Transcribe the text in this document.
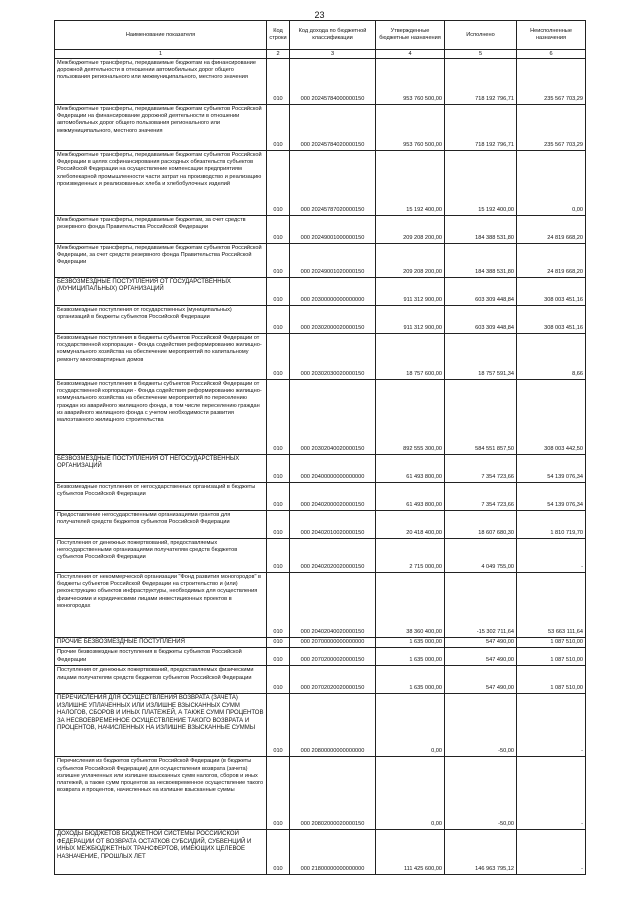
23
Наименование показателя	Код строки	Код дохода по бюджетной классификации	Утвержденные бюджетные назначения	Исполнено	Неисполненные назначения
1	2	3	4	5	6
Межбюджетные трансферты, передаваемые бюджетам на финансирование дорожной деятельности в отношении автомобильных дорог общего пользования регионального или межмуниципального, местного значения	010	000 20245784000000150	953 760 500,00	718 192 796,71	235 567 703,29
Межбюджетные трансферты, передаваемые бюджетам субъектов Российской Федерации на финансирование дорожной деятельности в отношении автомобильных дорог общего пользования регионального или межмуниципального, местного значения	010	000 20245784020000150	953 760 500,00	718 192 796,71	235 567 703,29
Межбюджетные трансферты, передаваемые бюджетам субъектов Российской Федерации в целях софинансирования расходных обязательств субъектов Российской Федерации на осуществление компенсации предприятиям хлебопекарной промышленности части затрат на производство и реализацию произведенных и реализованных хлеба и хлебобулочных изделий	010	000 20245787020000150	15 192 400,00	15 192 400,00	0,00
Межбюджетные трансферты, передаваемые бюджетам, за счет средств резервного фонда Правительства Российской Федерации	010	000 20249001000000150	209 208 200,00	184 388 531,80	24 819 668,20
Межбюджетные трансферты, передаваемые бюджетам субъектов Российской Федерации, за счет средств резервного фонда Правительства Российской Федерации	010	000 20249001020000150	209 208 200,00	184 388 531,80	24 819 668,20
БЕЗВОЗМЕЗДНЫЕ ПОСТУПЛЕНИЯ ОТ ГОСУДАРСТВЕННЫХ (МУНИЦИПАЛЬНЫХ) ОРГАНИЗАЦИЙ	010	000 20300000000000000	911 312 900,00	603 309 448,84	308 003 451,16
Безвозмездные поступления от государственных (муниципальных) организаций в бюджеты субъектов Российской Федерации	010	000 20302000020000150	911 312 900,00	603 309 448,84	308 003 451,16
Безвозмездные поступления в бюджеты субъектов Российской Федерации от государственной корпорации - Фонда содействия реформированию жилищно-коммунального хозяйства на обеспечение мероприятий по капитальному ремонту многоквартирных домов	010	000 20302030020000150	18 757 600,00	18 757 591,34	8,66
Безвозмездные поступления в бюджеты субъектов Российской Федерации от государственной корпорации - Фонда содействия реформированию жилищно-коммунального хозяйства на обеспечение мероприятий по переселению граждан из аварийного жилищного фонда, в том числе переселению граждан из аварийного жилищного фонда с учетом необходимости развития малоэтажного жилищного строительства	010	000 20302040020000150	892 555 300,00	584 551 857,50	308 003 442,50
БЕЗВОЗМЕЗДНЫЕ ПОСТУПЛЕНИЯ ОТ НЕГОСУДАРСТВЕННЫХ ОРГАНИЗАЦИЙ	010	000 20400000000000000	61 493 800,00	7 354 723,66	54 139 076,34
Безвозмездные поступления от негосударственных организаций в бюджеты субъектов Российской Федерации	010	000 20402000020000150	61 493 800,00	7 354 723,66	54 139 076,34
Предоставление негосударственными организациями грантов для получателей средств бюджетов субъектов Российской Федерации	010	000 20402010020000150	20 418 400,00	18 607 680,30	1 810 719,70
Поступления от денежных пожертвований, предоставляемых негосударственными организациями получателям средств бюджетов субъектов Российской Федерации	010	000 20402020020000150	2 715 000,00	4 049 755,00	-
Поступления от некоммерческой организации "Фонд развития моногородов" в бюджеты субъектов Российской Федерации на строительство и (или) реконструкцию объектов инфраструктуры, необходимых для осуществления физическими и юридическими лицами инвестиционных проектов в моногородах	010	000 20402040020000150	38 360 400,00	-15 302 711,64	53 663 111,64
ПРОЧИЕ БЕЗВОЗМЕЗДНЫЕ ПОСТУПЛЕНИЯ	010	000 20700000000000000	1 635 000,00	547 490,00	1 087 510,00
Прочие безвозмездные поступления в бюджеты субъектов Российской Федерации	010	000 20702000020000150	1 635 000,00	547 490,00	1 087 510,00
Поступления от денежных пожертвований, предоставляемых физическими лицами получателям средств бюджетов субъектов Российской Федерации	010	000 20702020020000150	1 635 000,00	547 490,00	1 087 510,00
ПЕРЕЧИСЛЕНИЯ ДЛЯ ОСУЩЕСТВЛЕНИЯ ВОЗВРАТА (ЗАЧЕТА) ИЗЛИШНЕ УПЛАЧЕННЫХ ИЛИ ИЗЛИШНЕ ВЗЫСКАННЫХ СУММ НАЛОГОВ, СБОРОВ И ИНЫХ ПЛАТЕЖЕЙ, А ТАКЖЕ СУММ ПРОЦЕНТОВ ЗА НЕСВОЕВРЕМЕННОЕ ОСУЩЕСТВЛЕНИЕ ТАКОГО ВОЗВРАТА И ПРОЦЕНТОВ, НАЧИСЛЕННЫХ НА ИЗЛИШНЕ ВЗЫСКАННЫЕ СУММЫ	010	000 20800000000000000	0,00	-50,00	-
Перечисления из бюджетов субъектов Российской Федерации (в бюджеты субъектов Российской Федерации) для осуществления возврата (зачета) излишне уплаченных или излишне взысканных сумм налогов, сборов и иных платежей, а также сумм процентов за несвоевременное осуществление такого возврата и процентов, начисленных на излишне взысканные суммы	010	000 20802000020000150	0,00	-50,00	-
ДОХОДЫ БЮДЖЕТОВ БЮДЖЕТНОЙ СИСТЕМЫ РОССИЙСКОЙ ФЕДЕРАЦИИ ОТ ВОЗВРАТА ОСТАТКОВ СУБСИДИЙ, СУБВЕНЦИЙ И ИНЫХ МЕЖБЮДЖЕТНЫХ ТРАНСФЕРТОВ, ИМЕЮЩИХ ЦЕЛЕВОЕ НАЗНАЧЕНИЕ, ПРОШЛЫХ ЛЕТ	010	000 21800000000000000	111 425 600,00	146 963 795,12	-
